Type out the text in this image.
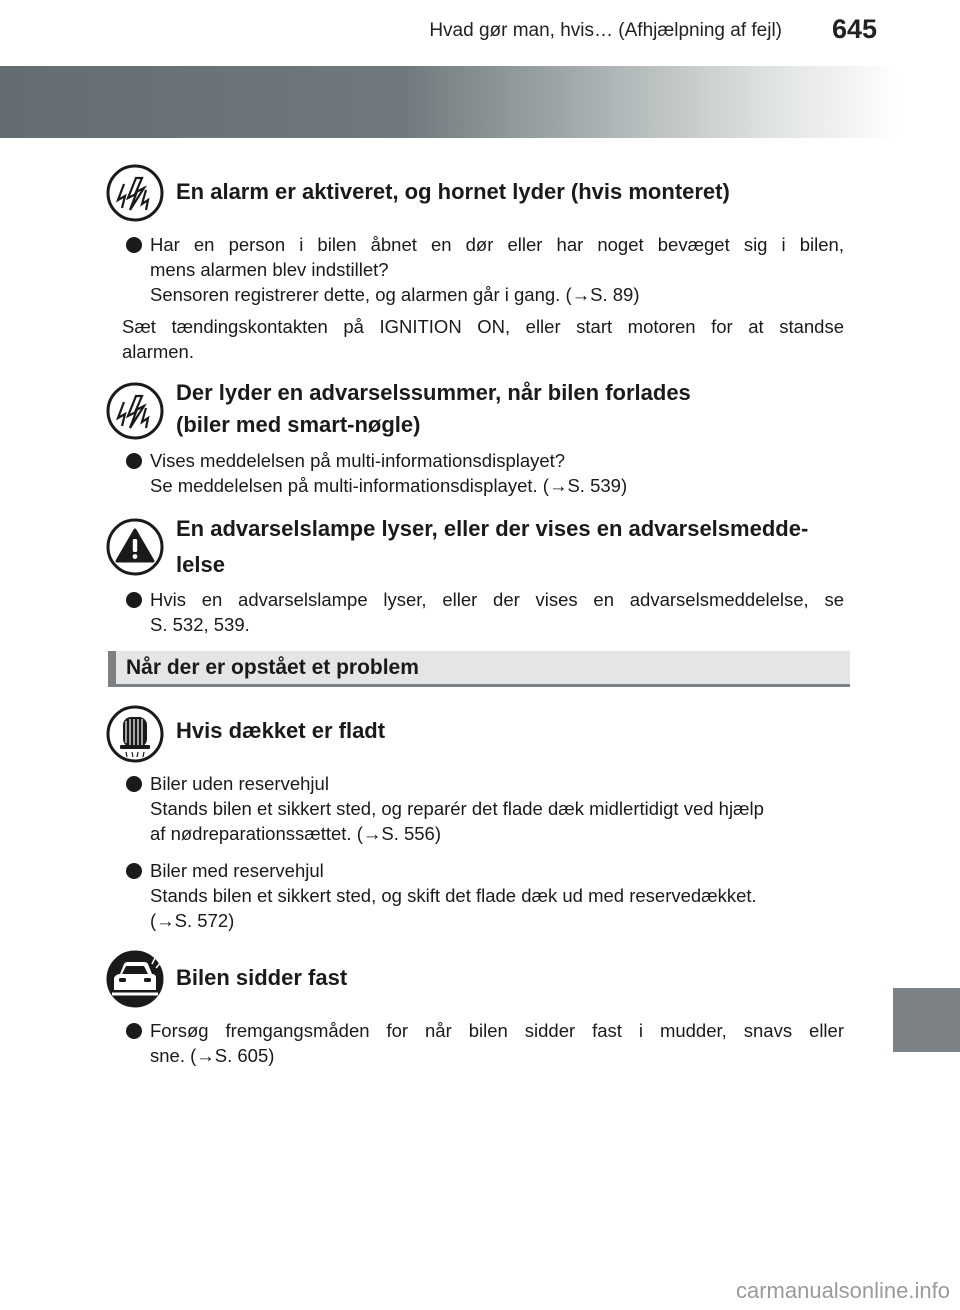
Hvad gør man, hvis… (Afhjælpning af fejl) 645
En alarm er aktiveret, og hornet lyder (hvis monteret)
Har en person i bilen åbnet en dør eller har noget bevæget sig i bilen,
mens alarmen blev indstillet?
Sensoren registrerer dette, og alarmen går i gang. (→S. 89)
Sæt tændingskontakten på IGNITION ON, eller start motoren for at standse
alarmen.
Der lyder en advarselssummer, når bilen forlades
(biler med smart-nøgle)
Vises meddelelsen på multi-informationsdisplayet?
Se meddelelsen på multi-informationsdisplayet. (→S. 539)
En advarselslampe lyser, eller der vises en advarselsmedde-
lelse
Hvis en advarselslampe lyser, eller der vises en advarselsmeddelelse, se
S. 532, 539.
Når der er opstået et problem
Hvis dækket er fladt
Biler uden reservehjul
Stands bilen et sikkert sted, og reparér det flade dæk midlertidigt ved hjælp
af nødreparationssættet. (→S. 556)
Biler med reservehjul
Stands bilen et sikkert sted, og skift det flade dæk ud med reservedækket.
(→S. 572)
Bilen sidder fast
Forsøg fremgangsmåden for når bilen sidder fast i mudder, snavs eller
sne. (→S. 605)
carmanualsonline.info
